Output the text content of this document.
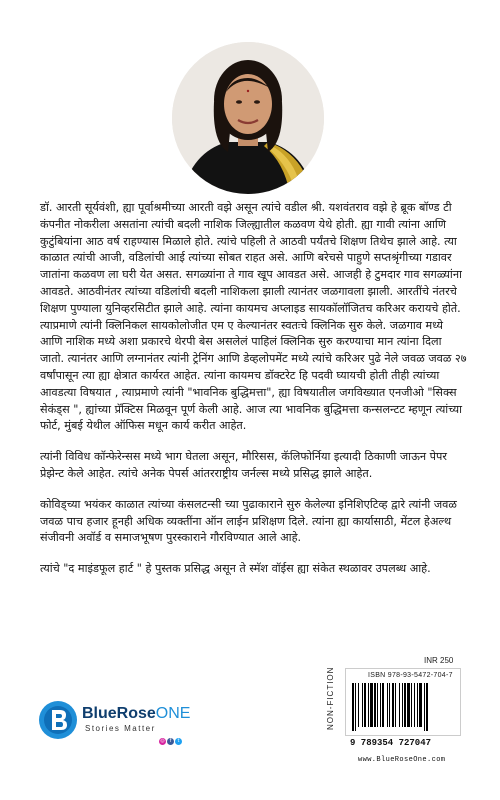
डॉ. आरती सूर्यवंशी, ह्या पूर्वाश्रमीच्या आरती वझे असून त्यांचे वडील श्री. यशवंतराव वझे हे ब्रूक बॉण्ड टी कंपनीत नोकरीला असतांना त्यांची बदली नाशिक जिल्ह्यातील कळवण येथे होती. ह्या गावी त्यांना आणि कुटुंबियांना आठ वर्ष राहण्यास मिळाले होते. त्यांचे पहिली ते आठवी पर्यंतचे शिक्षण तिथेच झाले आहे. त्या काळात त्यांची आजी, वडिलांची आई त्यांच्या सोबत राहत असे. आणि बरेचसे पाहुणे सप्तश्रृंगीच्या गडावर जातांना कळवण ला घरी येत असत. सगळ्यांना ते गाव खूप आवडत असे. आजही हे टुमदार गाव सगळ्यांना आवडते. आठवीनंतर त्यांच्या वडिलांची बदली नाशिकला झाली त्यानंतर जळगावला झाली. आरतींचे नंतरचे शिक्षण पुण्याला युनिव्हरसिटीत झाले आहे. त्यांना कायमच अप्लाइड सायकॉलॉजितच करिअर करायचे होते. त्याप्रमाणे त्यांनी क्लिनिकल सायकोलोजीत एम ए केल्यानंतर स्वतःचे क्लिनिक सुरु केले. जळगाव मध्ये आणि नाशिक मध्ये अशा प्रकारचे थेरपी बेस असलेलं पाहिलं क्लिनिक सुरु करण्याचा मान त्यांना दिला जातो. त्यानंतर आणि लग्नानंतर त्यांनी ट्रेनिंग आणि डेव्हलोपमेंट मध्ये त्यांचे करिअर पुढे नेले जवळ जवळ २७ वर्षांपासून त्या ह्या क्षेत्रात कार्यरत आहेत. त्यांना कायमच डॉक्टरेट हि पदवी घ्यायची होती तीही त्यांच्या आवडत्या विषयात , त्याप्रमाणे त्यांनी "भावनिक बुद्धिमत्ता", ह्या विषयातील जगविख्यात एनजीओ "सिक्स सेकंड्स ", ह्यांच्या प्रॅक्टिस मिळवून पूर्ण केली आहे. आज त्या भावनिक बुद्धिमत्ता कन्सलन्टट म्हणून त्यांच्या फोर्ट, मुंबई येथील ऑफिस मधून कार्य करीत आहेत.

त्यांनी विविध कॉन्फेरेन्सस मध्ये भाग घेतला असून, मौरिसस, कॅलिफोर्निया इत्यादी ठिकाणी जाऊन पेपर प्रेझेन्ट केले आहेत. त्यांचे अनेक पेपर्स आंतरराष्ट्रीय जर्नल्स मध्ये प्रसिद्ध झाले आहेत.

कोविड्च्या भयंकर काळात त्यांच्या कंसलटन्सी च्या पुढाकाराने सुरु केलेल्या इनिशिएटिव्ह द्वारे त्यांनी जवळ जवळ पाच हजार हूनही अधिक व्यक्तींना ऑन लाईन प्रशिक्षण दिले. त्यांना ह्या कार्यासाठी, मेंटल हेअल्थ संजीवनी अवॉर्ड व समाजभूषण पुरस्काराने गौरविण्यात आले आहे.

त्यांचे "द माइंडफूल हार्ट " हे पुस्तक प्रसिद्ध असून ते स्मॅश वॉईस ह्या संकेत स्थळावर उपलब्ध आहे.

BlueRoseONE
Stories Matter
◎ f t
INR 250
NON-FICTION	ISBN 978-93-5472-704-7
9 789354 727047
www.BlueRoseOne.com
